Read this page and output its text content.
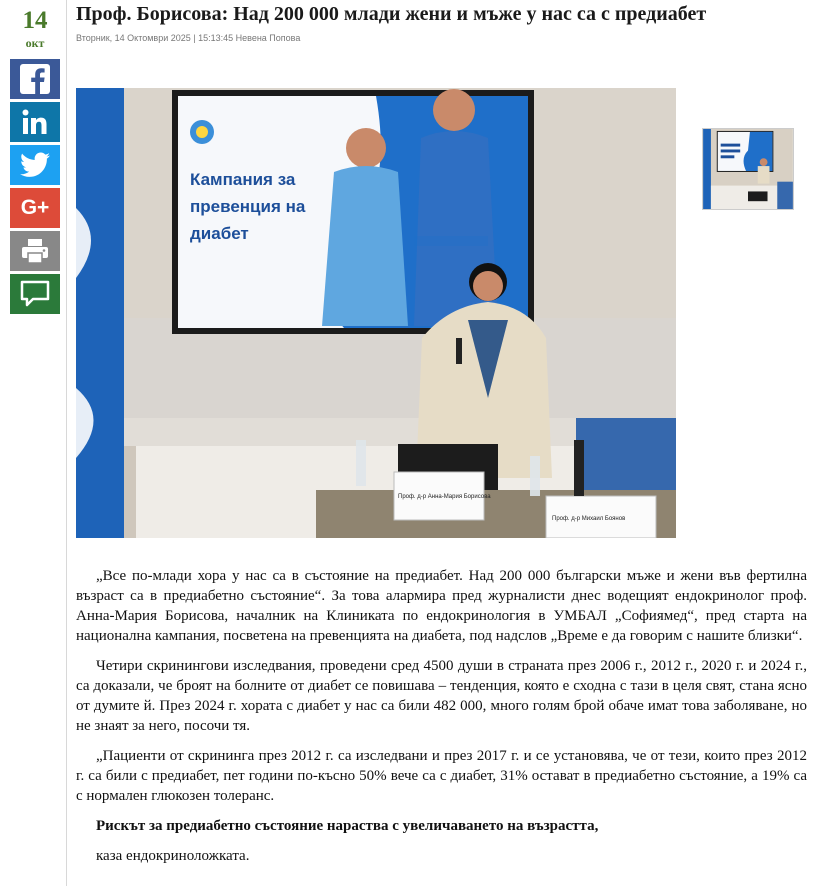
14
окт
G+
Проф. Борисова: Над 200 000 млади жени и мъже у нас са с предиабет
Вторник, 14 Октомври 2025 | 15:13:45 Невена Попова
Кампания за
превенция на
диабет
Проф. д-р Анна-Мария Борисова
Проф. д-р Михаил Боянов

„Все по-млади хора у нас са в състояние на предиабет. Над 200 000 български мъже и жени във фертилна възраст са в предиабетно състояние“. За това алармира пред журналисти днес водещият ендокринолог проф. Анна-Мария Борисова, началник на Клиниката по ендокринология в УМБАЛ „Софиямед“, пред старта на национална кампания, посветена на превенцията на диабета, под надслов „Време е да говорим с нашите близки“.

Четири скринингови изследвания, проведени сред 4500 души в страната през 2006 г., 2012 г., 2020 г. и 2024 г., са доказали, че броят на болните от диабет се повишава – тенденция, която е сходна с тази в целя свят, стана ясно от думите й. През 2024 г. хората с диабет у нас са били 482 000, много голям брой обаче имат това заболяване, но не знаят за него, посочи тя.

„Пациенти от скрининга през 2012 г. са изследвани и през 2017 г. и се установява, че от тези, които през 2012 г. са били с предиабет, пет години по-късно 50% вече са с диабет, 31% остават в предиабетно състояние, а 19% са с нормален глюкозен толеранс.

Рискът за предиабетно състояние нараства с увеличаването на възрастта,

каза ендокриноложката.
